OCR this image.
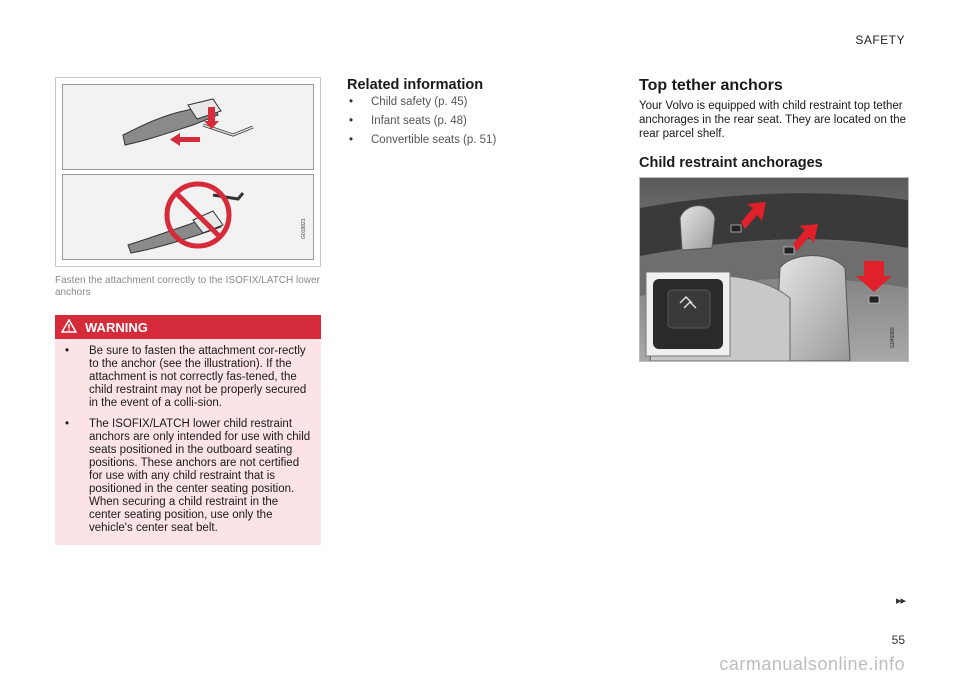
SAFETY
G018821
Fasten the attachment correctly to the ISOFIX/LATCH lower anchors
WARNING
•	Be sure to fasten the attachment cor-rectly to the anchor (see the illustration). If the attachment is not correctly fas-tened, the child restraint may not be properly secured in the event of a colli-sion.
•	The ISOFIX/LATCH lower child restraint anchors are only intended for use with child seats positioned in the outboard seating positions. These anchors are not certified for use with any child restraint that is positioned in the center seating position. When securing a child restraint in the center seating position, use only the vehicle's center seat belt.
Related information
•	Child safety (p. 45)
•	Infant seats (p. 48)
•	Convertible seats (p. 51)
Top tether anchors

Your Volvo is equipped with child restraint top tether anchorages in the rear seat. They are located on the rear parcel shelf.

Child restraint anchorages
G045980
▸▸
55
carmanualsonline.info
